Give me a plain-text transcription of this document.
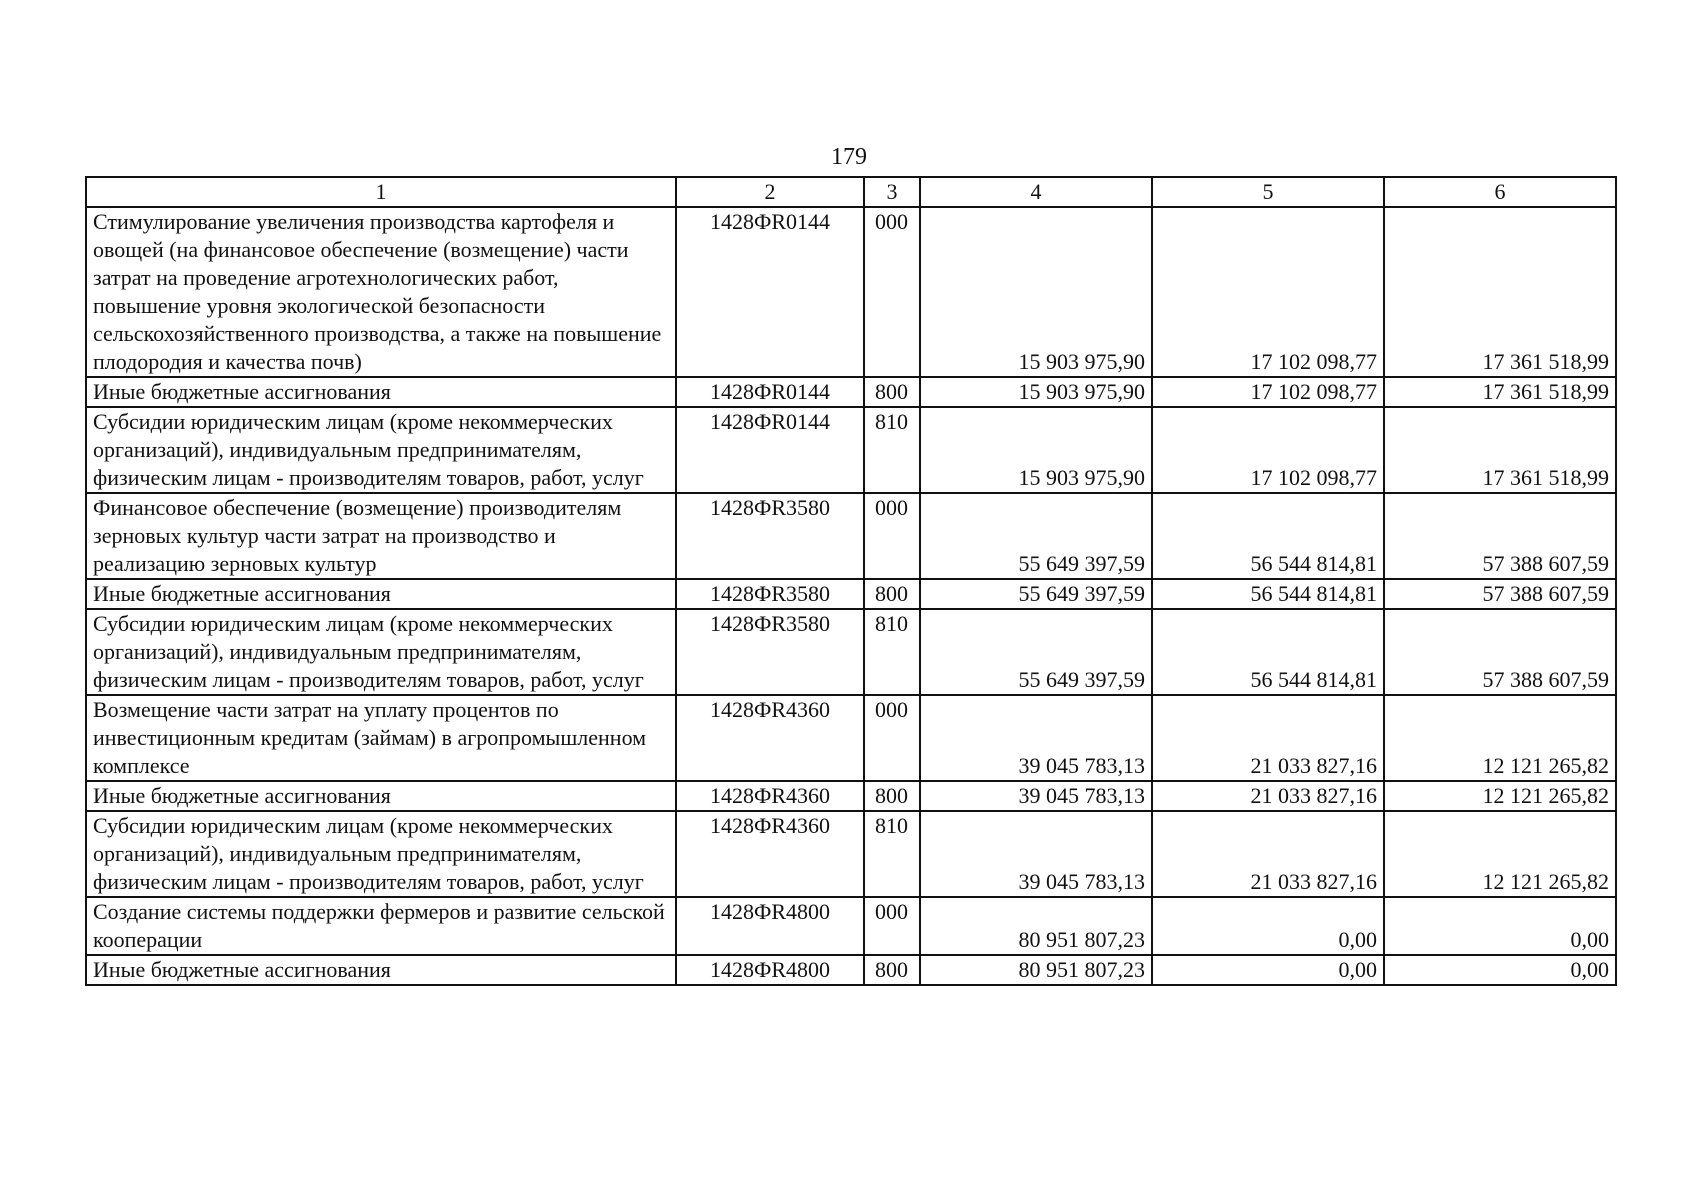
179
1	2	3	4	5	6
Стимулирование увеличения производства картофеля и овощей (на финансовое обеспечение (возмещение) части затрат на проведение агротехнологических работ, повышение уровня экологической безопасности сельскохозяйственного производства, а также на повышение плодородия и качества почв)	1428ФR0144	000	15 903 975,90	17 102 098,77	17 361 518,99
Иные бюджетные ассигнования	1428ФR0144	800	15 903 975,90	17 102 098,77	17 361 518,99
Субсидии юридическим лицам (кроме некоммерческих организаций), индивидуальным предпринимателям, физическим лицам - производителям товаров, работ, услуг	1428ФR0144	810	15 903 975,90	17 102 098,77	17 361 518,99
Финансовое обеспечение (возмещение) производителям зерновых культур части затрат на производство и реализацию зерновых культур	1428ФR3580	000	55 649 397,59	56 544 814,81	57 388 607,59
Иные бюджетные ассигнования	1428ФR3580	800	55 649 397,59	56 544 814,81	57 388 607,59
Субсидии юридическим лицам (кроме некоммерческих организаций), индивидуальным предпринимателям, физическим лицам - производителям товаров, работ, услуг	1428ФR3580	810	55 649 397,59	56 544 814,81	57 388 607,59
Возмещение части затрат на уплату процентов по инвестиционным кредитам (займам) в агропромышленном комплексе	1428ФR4360	000	39 045 783,13	21 033 827,16	12 121 265,82
Иные бюджетные ассигнования	1428ФR4360	800	39 045 783,13	21 033 827,16	12 121 265,82
Субсидии юридическим лицам (кроме некоммерческих организаций), индивидуальным предпринимателям, физическим лицам - производителям товаров, работ, услуг	1428ФR4360	810	39 045 783,13	21 033 827,16	12 121 265,82
Создание системы поддержки фермеров и развитие сельской кооперации	1428ФR4800	000	80 951 807,23	0,00	0,00
Иные бюджетные ассигнования	1428ФR4800	800	80 951 807,23	0,00	0,00
